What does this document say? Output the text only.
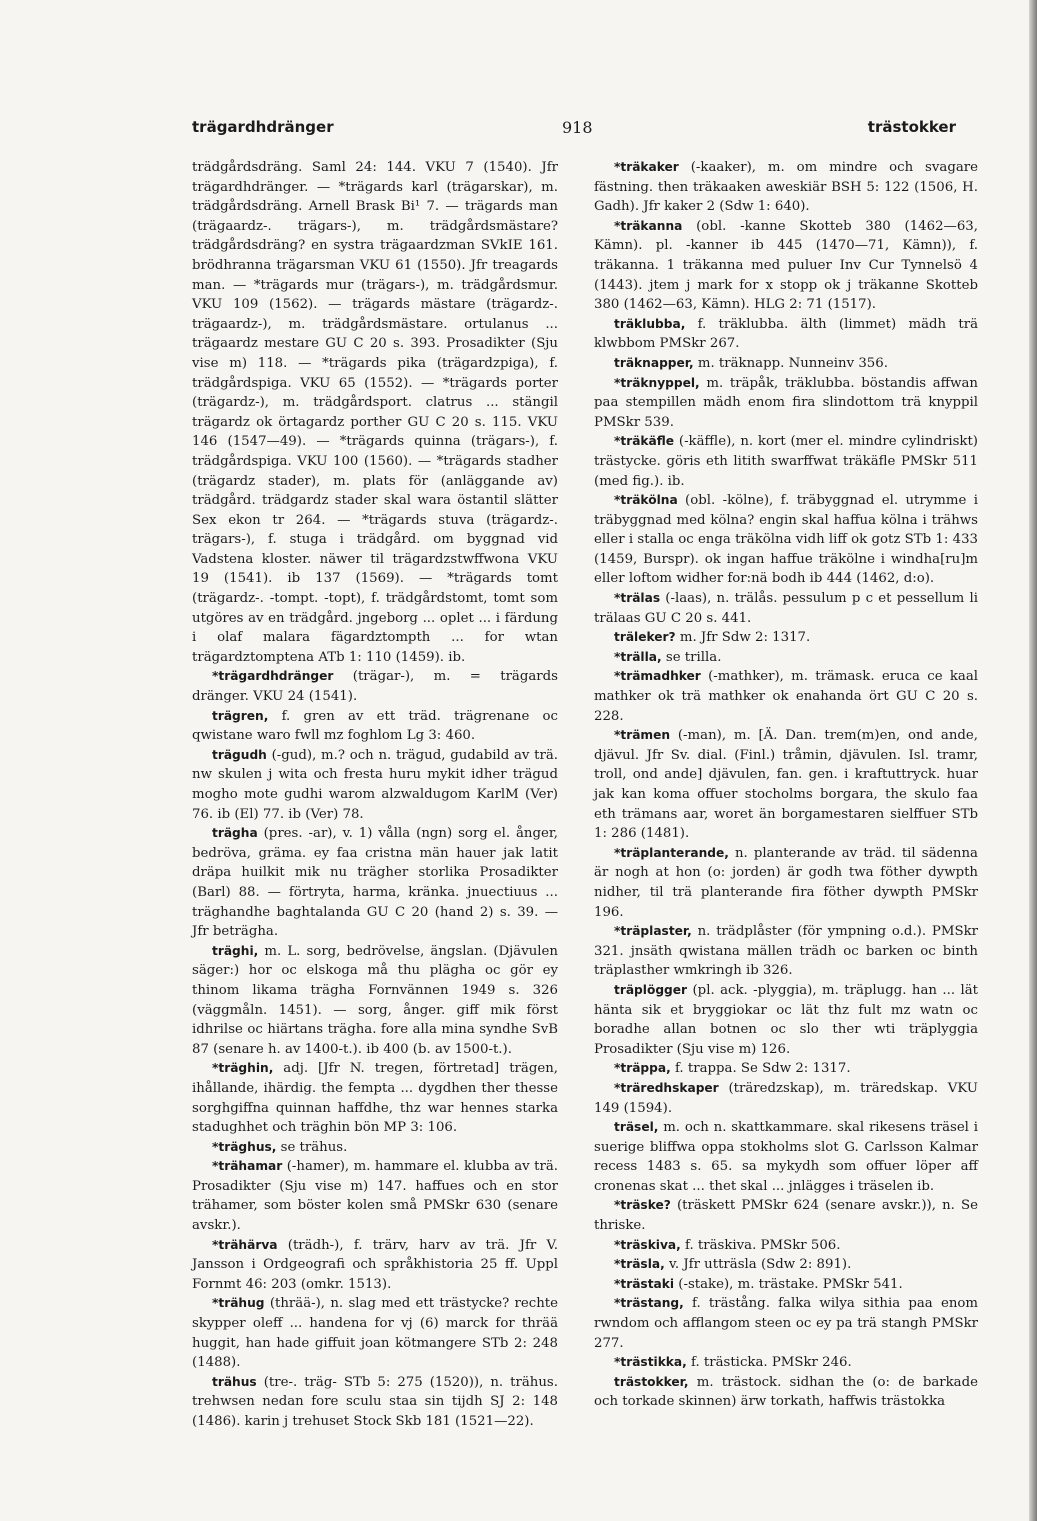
trägardhdränger	918	trästokker

trädgårdsdräng. Saml 24: 144. VKU 7 (1540). Jfr trägardhdränger. — *trägards karl (trägarskar), m. trädgårdsdräng. Arnell Brask Bi¹ 7. — trägards man (trägaardz-. trägars-), m. trädgårdsmästare? trädgårdsdräng? en systra trägaardzman SVkIE 161. brödhranna trägarsman VKU 61 (1550). Jfr treagards man. — *trägards mur (trägars-), m. trädgårdsmur. VKU 109 (1562). — trägards mästare (trägardz-. trägaardz-), m. trädgårdsmästare. ortulanus ... trägaardz mestare GU C 20 s. 393. Prosadikter (Sju vise m) 118. — *trägards pika (trägardzpiga), f. trädgårdspiga. VKU 65 (1552). — *trägards porter (trägardz-), m. trädgårdsport. clatrus ... stängil trägardz ok örtagardz porther GU C 20 s. 115. VKU 146 (1547—49). — *trägards quinna (trägars-), f. trädgårdspiga. VKU 100 (1560). — *trägards stadher (trägardz stader), m. plats för (anläggande av) trädgård. trädgardz stader skal wara östantil slätter Sex ekon tr 264. — *trägards stuva (trägardz-. trägars-), f. stuga i trädgård. om byggnad vid Vadstena kloster. näwer til trägardzstwffwona VKU 19 (1541). ib 137 (1569). — *trägards tomt (trägardz-. -tompt. -topt), f. trädgårdstomt, tomt som utgöres av en trädgård. jngeborg ... oplet ... i färdung i olaf malara fägardztompth ... for wtan trägardztomptena ATb 1: 110 (1459). ib.

*trägardhdränger (trägar-), m. = trägards dränger. VKU 24 (1541).

trägren, f. gren av ett träd. trägrenane oc qwistane waro fwll mz foghlom Lg 3: 460.

trägudh (-gud), m.? och n. trägud, gudabild av trä. nw skulen j wita och fresta huru mykit idher trägud mogho mote gudhi warom alzwaldugom KarlM (Ver) 76. ib (El) 77. ib (Ver) 78.

trägha (pres. -ar), v. 1) vålla (ngn) sorg el. ånger, bedröva, gräma. ey faa cristna män hauer jak latit dräpa huilkit mik nu trägher storlika Prosadikter (Barl) 88. — förtryta, harma, kränka. jnuectiuus ... träghandhe baghtalanda GU C 20 (hand 2) s. 39. — Jfr beträgha.

träghi, m. L. sorg, bedrövelse, ängslan. (Djävulen säger:) hor oc elskoga må thu plägha oc gör ey thinom likama trägha Fornvännen 1949 s. 326 (väggmåln. 1451). — sorg, ånger. giff mik först idhrilse oc hiärtans trägha. fore alla mina syndhe SvB 87 (senare h. av 1400-t.). ib 400 (b. av 1500-t.).

*träghin, adj. [Jfr N. tregen, förtretad] trägen, ihållande, ihärdig. the fempta ... dygdhen ther thesse sorghgiffna quinnan haffdhe, thz war hennes starka stadughhet och träghin bön MP 3: 106.

*träghus, se trähus.

*trähamar (-hamer), m. hammare el. klubba av trä. Prosadikter (Sju vise m) 147. haffues och en stor trähamer, som böster kolen små PMSkr 630 (senare avskr.).

*trähärva (trädh-), f. trärv, harv av trä. Jfr V. Jansson i Ordgeografi och språkhistoria 25 ff. Uppl Fornmt 46: 203 (omkr. 1513).

*trähug (thrää-), n. slag med ett trästycke? rechte skypper oleff ... handena for vj (6) marck for thrää huggit, han hade giffuit joan kötmangere STb 2: 248 (1488).

trähus (tre-. träg- STb 5: 275 (1520)), n. trähus. trehwsen nedan fore sculu staa sin tijdh SJ 2: 148 (1486). karin j trehuset Stock Skb 181 (1521—22).

*träkaker (-kaaker), m. om mindre och svagare fästning. then träkaaken aweskiär BSH 5: 122 (1506, H. Gadh). Jfr kaker 2 (Sdw 1: 640).

*träkanna (obl. -kanne Skotteb 380 (1462—63, Kämn). pl. -kanner ib 445 (1470—71, Kämn)), f. träkanna. 1 träkanna med puluer Inv Cur Tynnelsö 4 (1443). jtem j mark for x stopp ok j träkanne Skotteb 380 (1462—63, Kämn). HLG 2: 71 (1517).

träklubba, f. träklubba. älth (limmet) mädh trä klwbbom PMSkr 267.

träknapper, m. träknapp. Nunneinv 356.

*träknyppel, m. träpåk, träklubba. böstandis affwan paa stempillen mädh enom fira slindottom trä knyppil PMSkr 539.

*träkäfle (-käffle), n. kort (mer el. mindre cylindriskt) trästycke. göris eth litith swarffwat träkäfle PMSkr 511 (med fig.). ib.

*träkölna (obl. -kölne), f. träbyggnad el. utrymme i träbyggnad med kölna? engin skal haffua kölna i trähws eller i stalla oc enga träkölna vidh liff ok gotz STb 1: 433 (1459, Burspr). ok ingan haffue träkölne i windha[ru]m eller loftom widher for:nä bodh ib 444 (1462, d:o).

*trälas (-laas), n. trälås. pessulum p c et pessellum li trälaas GU C 20 s. 441.

träleker? m. Jfr Sdw 2: 1317.

*trälla, se trilla.

*trämadhker (-mathker), m. trämask. eruca ce kaal mathker ok trä mathker ok enahanda ört GU C 20 s. 228.

*trämen (-man), m. [Ä. Dan. trem(m)en, ond ande, djävul. Jfr Sv. dial. (Finl.) tråmin, djävulen. Isl. tramr, troll, ond ande] djävulen, fan. gen. i kraftuttryck. huar jak kan koma offuer stocholms borgara, the skulo faa eth trämans aar, woret än borgamestaren sielffuer STb 1: 286 (1481).

*träplanterande, n. planterande av träd. til sädenna är nogh at hon (o: jorden) är godh twa föther dywpth nidher, til trä planterande fira föther dywpth PMSkr 196.

*träplaster, n. trädplåster (för ympning o.d.). PMSkr 321. jnsäth qwistana mällen trädh oc barken oc binth träplasther wmkringh ib 326.

träplögger (pl. ack. -plyggia), m. träplugg. han ... lät hänta sik et bryggiokar oc lät thz fult mz watn oc boradhe allan botnen oc slo ther wti träplyggia Prosadikter (Sju vise m) 126.

*träppa, f. trappa. Se Sdw 2: 1317.

*träredhskaper (träredzskap), m. träredskap. VKU 149 (1594).

träsel, m. och n. skattkammare. skal rikesens träsel i suerige bliffwa oppa stokholms slot G. Carlsson Kalmar recess 1483 s. 65. sa mykydh som offuer löper aff cronenas skat ... thet skal ... jnlägges i träselen ib.

*träske? (träskett PMSkr 624 (senare avskr.)), n. Se thriske.

*träskiva, f. träskiva. PMSkr 506.

*träsla, v. Jfr utträsla (Sdw 2: 891).

*trästaki (-stake), m. trästake. PMSkr 541.

*trästang, f. trästång. falka wilya sithia paa enom rwndom och afflangom steen oc ey pa trä stangh PMSkr 277.

*trästikka, f. trästicka. PMSkr 246.

trästokker, m. trästock. sidhan the (o: de barkade och torkade skinnen) ärw torkath, haffwis trästokka
